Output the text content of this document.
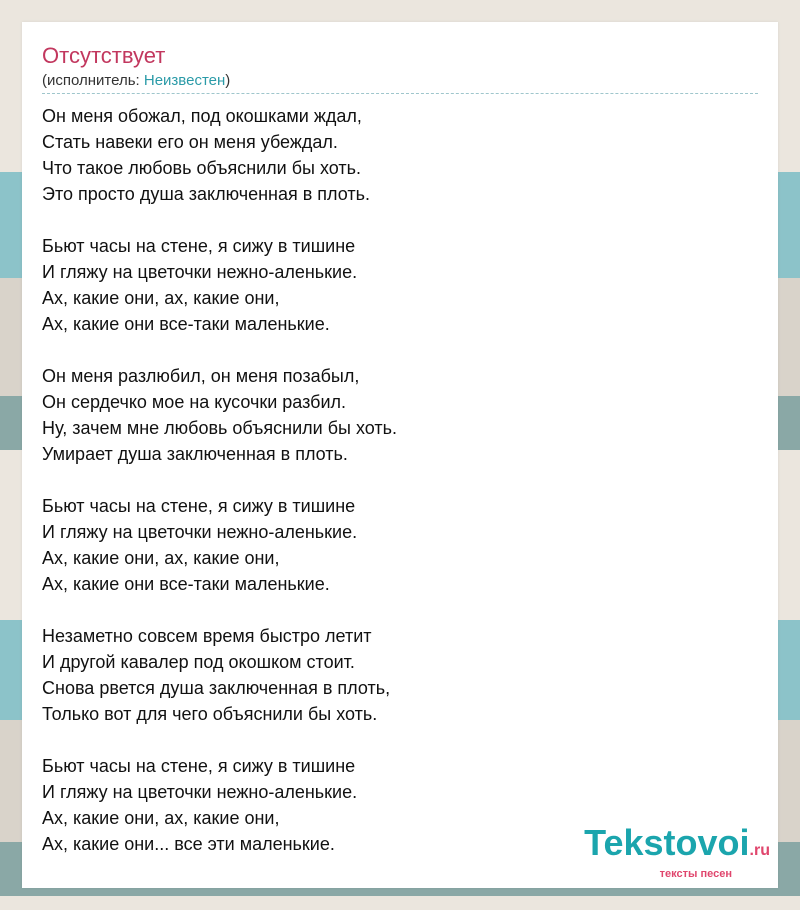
Отсутствует
(исполнитель: Неизвестен)
Он меня обожал, под окошками ждал,
Стать навеки его он меня убеждал.
Что такое любовь объяснили бы хоть.
Это просто душа заключенная в плоть.
Бьют часы на стене, я сижу в тишине
И гляжу на цветочки нежно-аленькие.
Ах, какие они, ах, какие они,
Ах, какие они все-таки маленькие.
Он меня разлюбил, он меня позабыл,
Он сердечко мое на кусочки разбил.
Ну, зачем мне любовь объяснили бы хоть.
Умирает душа заключенная в плоть.
Бьют часы на стене, я сижу в тишине
И гляжу на цветочки нежно-аленькие.
Ах, какие они, ах, какие они,
Ах, какие они все-таки маленькие.
Незаметно совсем время быстро летит
И другой кавалер под окошком стоит.
Снова рвется душа заключенная в плоть,
Только вот для чего объяснили бы хоть.
Бьют часы на стене, я сижу в тишине
И гляжу на цветочки нежно-аленькие.
Ах, какие они, ах, какие они,
Ах, какие они... все эти маленькие.	Tekstovoi.ru
тексты песен
